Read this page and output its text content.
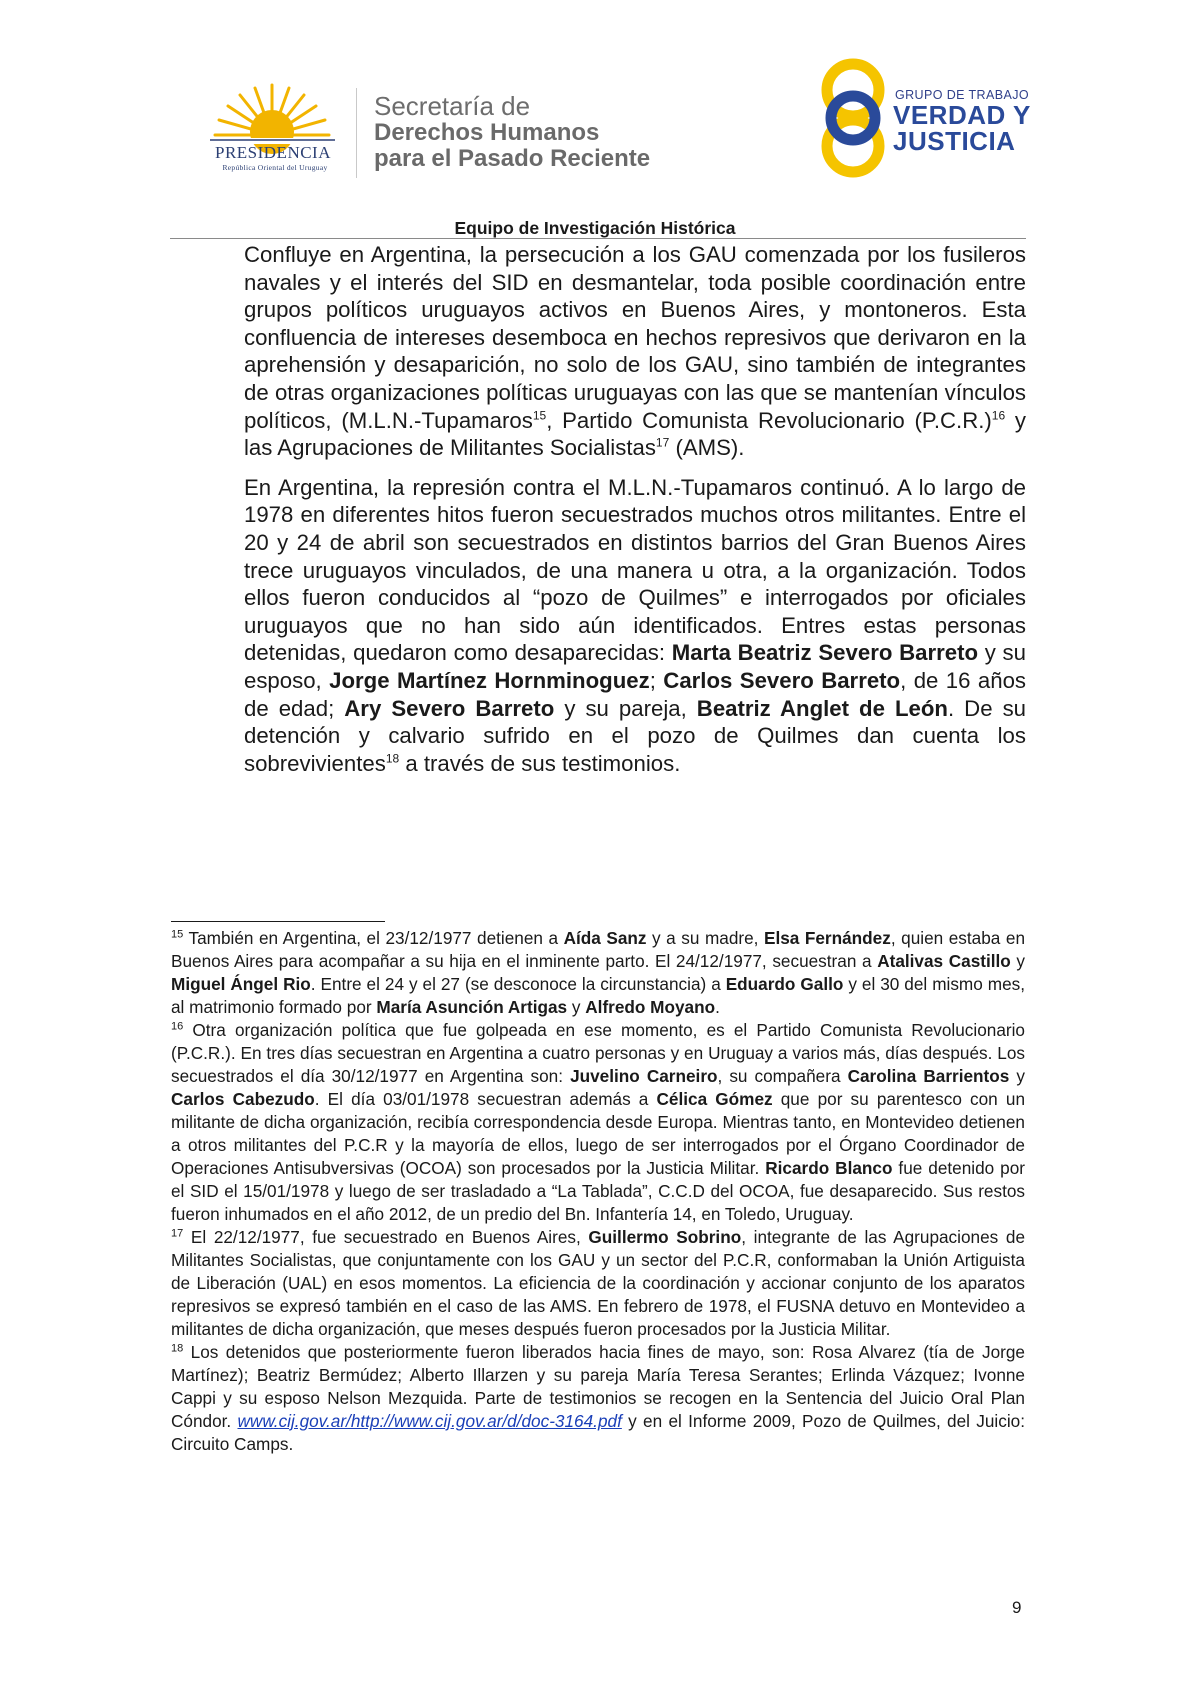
PRESIDENCIA
República Oriental del Uruguay
Secretaría de
Derechos Humanos
para el Pasado Reciente
GRUPO DE TRABAJO
VERDAD Y
JUSTICIA
Equipo de Investigación Histórica

Confluye en Argentina, la persecución a los GAU comenzada por los fusileros navales y el interés del SID en desmantelar, toda posible coordinación entre grupos políticos uruguayos activos en Buenos Aires, y montoneros. Esta confluencia de intereses desemboca en hechos represivos que derivaron en la aprehensión y desaparición, no solo de los GAU, sino también de integrantes de otras organizaciones políticas uruguayas con las que se mantenían vínculos políticos, (M.L.N.-Tupamaros$^{15}$, Partido Comunista Revolucionario $(P.C.R.)^{16}$ y las Agrupaciones de Militantes Socialistas$^{17}$ (AMS).

En Argentina, la represión contra el M.L.N.-Tupamaros continuó. A lo largo de 1978 en diferentes hitos fueron secuestrados muchos otros militantes. Entre el 20 y 24 de abril son secuestrados en distintos barrios del Gran Buenos Aires trece uruguayos vinculados, de una manera u otra, a la organización. Todos ellos fueron conducidos al “pozo de Quilmes” e interrogados por oficiales uruguayos que no han sido aún identificados. Entres estas personas detenidas, quedaron como desaparecidas: Marta Beatriz Severo Barreto y su esposo, Jorge Martínez Hornminoguez; Carlos Severo Barreto, de 16 años de edad; Ary Severo Barreto y su pareja, Beatriz Anglet de León. De su detención y calvario sufrido en el pozo de Quilmes dan cuenta los sobrevivientes$^{18}$ a través de sus testimonios.

$^{15}$ También en Argentina, el 23/12/1977 detienen a Aída Sanz y a su madre, Elsa Fernández, quien estaba en Buenos Aires para acompañar a su hija en el inminente parto. El 24/12/1977, secuestran a Atalivas Castillo y Miguel Ángel Rio. Entre el 24 y el 27 (se desconoce la circunstancia) a Eduardo Gallo y el 30 del mismo mes, al matrimonio formado por María Asunción Artigas y Alfredo Moyano.

$^{16}$ Otra organización política que fue golpeada en ese momento, es el Partido Comunista Revolucionario (P.C.R.). En tres días secuestran en Argentina a cuatro personas y en Uruguay a varios más, días después. Los secuestrados el día 30/12/1977 en Argentina son: Juvelino Carneiro, su compañera Carolina Barrientos y Carlos Cabezudo. El día 03/01/1978 secuestran además a Célica Gómez que por su parentesco con un militante de dicha organización, recibía correspondencia desde Europa. Mientras tanto, en Montevideo detienen a otros militantes del P.C.R y la mayoría de ellos, luego de ser interrogados por el Órgano Coordinador de Operaciones Antisubversivas (OCOA) son procesados por la Justicia Militar. Ricardo Blanco fue detenido por el SID el 15/01/1978 y luego de ser trasladado a “La Tablada”, C.C.D del OCOA, fue desaparecido. Sus restos fueron inhumados en el año 2012, de un predio del Bn. Infantería 14, en Toledo, Uruguay.

$^{17}$ El 22/12/1977, fue secuestrado en Buenos Aires, Guillermo Sobrino, integrante de las Agrupaciones de Militantes Socialistas, que conjuntamente con los GAU y un sector del P.C.R, conformaban la Unión Artiguista de Liberación (UAL) en esos momentos. La eficiencia de la coordinación y accionar conjunto de los aparatos represivos se expresó también en el caso de las AMS. En febrero de 1978, el FUSNA detuvo en Montevideo a militantes de dicha organización, que meses después fueron procesados por la Justicia Militar.

$^{18}$ Los detenidos que posteriormente fueron liberados hacia fines de mayo, son: Rosa Alvarez (tía de Jorge Martínez); Beatriz Bermúdez; Alberto Illarzen y su pareja María Teresa Serantes; Erlinda Vázquez; Ivonne Cappi y su esposo Nelson Mezquida. Parte de testimonios se recogen en la Sentencia del Juicio Oral Plan Cóndor. www.cij.gov.ar/http://www.cij.gov.ar/d/doc-3164.pdf y en el Informe 2009, Pozo de Quilmes, del Juicio: Circuito Camps.

9
